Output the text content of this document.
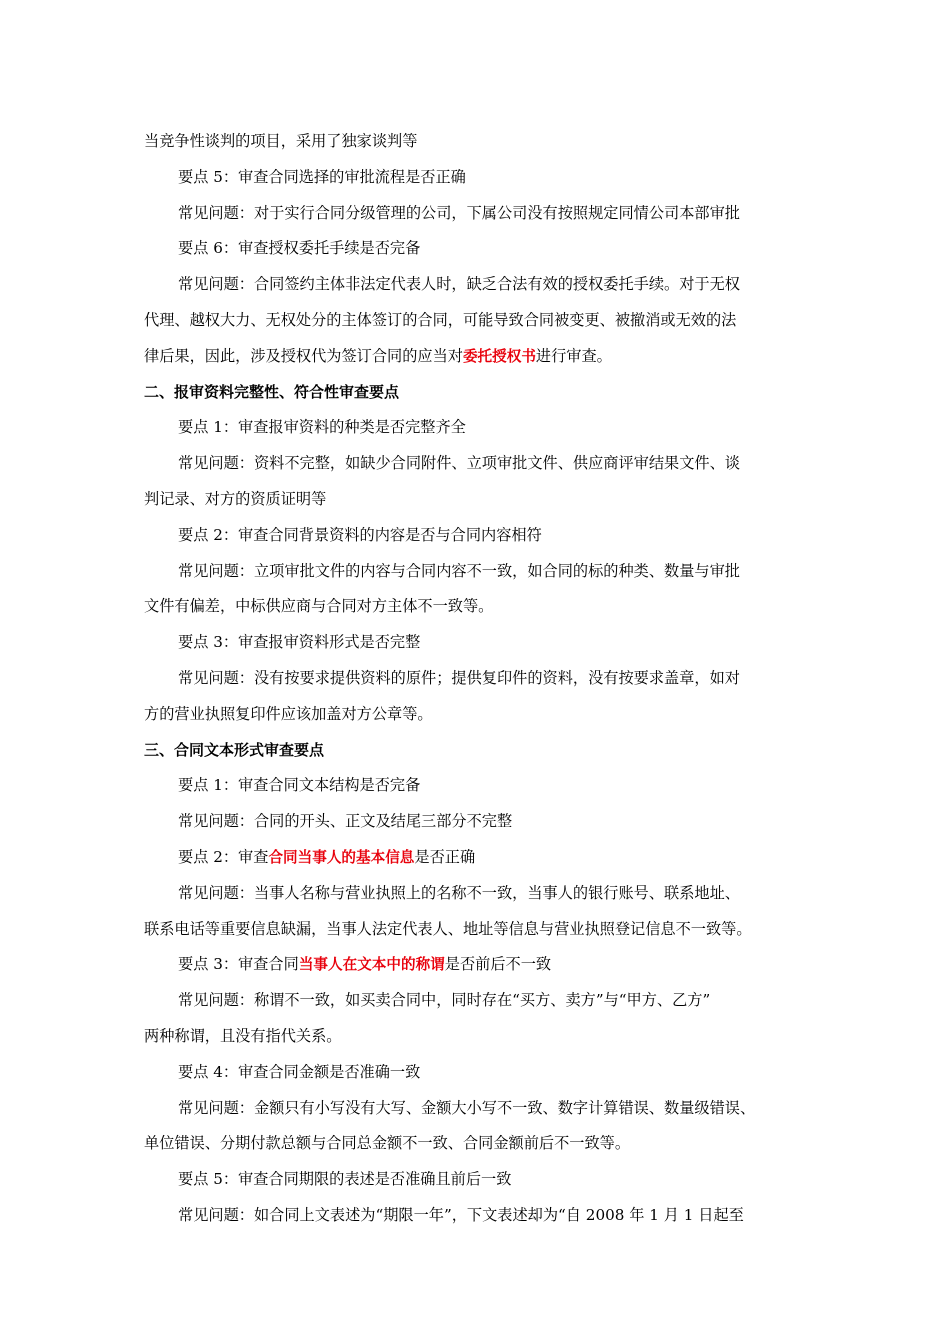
当竞争性谈判的项目，采用了独家谈判等
要点 5：审查合同选择的审批流程是否正确
常见问题：对于实行合同分级管理的公司，下属公司没有按照规定同情公司本部审批
要点 6：审查授权委托手续是否完备
常见问题：合同签约主体非法定代表人时，缺乏合法有效的授权委托手续。对于无权
代理、越权大力、无权处分的主体签订的合同，可能导致合同被变更、被撤消或无效的法
律后果，因此，涉及授权代为签订合同的应当对委托授权书进行审查。
二、报审资料完整性、符合性审查要点
要点 1：审查报审资料的种类是否完整齐全
常见问题：资料不完整，如缺少合同附件、立项审批文件、供应商评审结果文件、谈
判记录、对方的资质证明等
要点 2：审查合同背景资料的内容是否与合同内容相符
常见问题：立项审批文件的内容与合同内容不一致，如合同的标的种类、数量与审批
文件有偏差，中标供应商与合同对方主体不一致等。
要点 3：审查报审资料形式是否完整
常见问题：没有按要求提供资料的原件；提供复印件的资料，没有按要求盖章，如对
方的营业执照复印件应该加盖对方公章等。
三、合同文本形式审查要点
要点 1：审查合同文本结构是否完备
常见问题：合同的开头、正文及结尾三部分不完整
要点 2：审查合同当事人的基本信息是否正确
常见问题：当事人名称与营业执照上的名称不一致，当事人的银行账号、联系地址、
联系电话等重要信息缺漏，当事人法定代表人、地址等信息与营业执照登记信息不一致等。
要点 3：审查合同当事人在文本中的称谓是否前后不一致
常见问题：称谓不一致，如买卖合同中，同时存在“买方、卖方”与“甲方、乙方”
两种称谓，且没有指代关系。
要点 4：审查合同金额是否准确一致
常见问题：金额只有小写没有大写、金额大小写不一致、数字计算错误、数量级错误、
单位错误、分期付款总额与合同总金额不一致、合同金额前后不一致等。
要点 5：审查合同期限的表述是否准确且前后一致
常见问题：如合同上文表述为“期限一年”，下文表述却为“自 2008 年 1 月 1 日起至
